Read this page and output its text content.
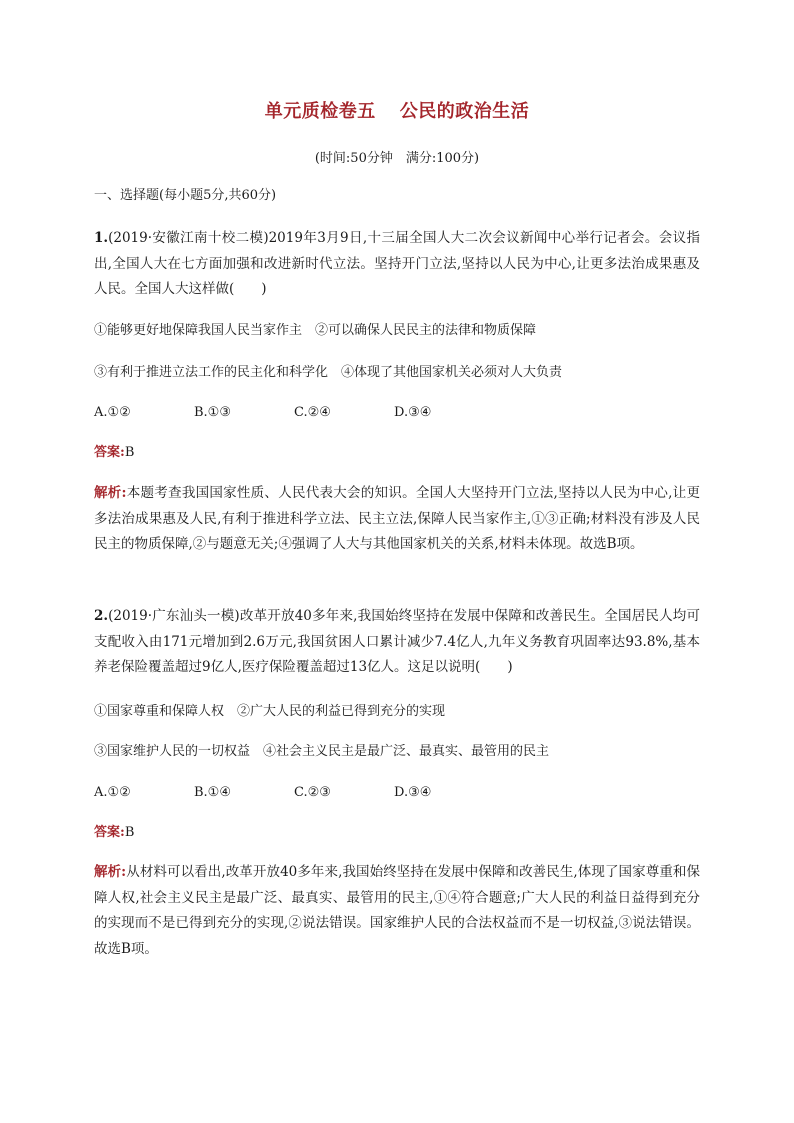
单元质检卷五 公民的政治生活
(时间:50分钟　满分:100分)
一、选择题(每小题5分,共60分)
1.(2019·安徽江南十校二模)2019年3月9日,十三届全国人大二次会议新闻中心举行记者会。会议指出,全国人大在七方面加强和改进新时代立法。坚持开门立法,坚持以人民为中心,让更多法治成果惠及人民。全国人大这样做(　　)
①能够更好地保障我国人民当家作主　②可以确保人民民主的法律和物质保障
③有利于推进立法工作的民主化和科学化　④体现了其他国家机关必须对人大负责
A.①②	B.①③	C.②④	D.③④
答案:B
解析:本题考查我国国家性质、人民代表大会的知识。全国人大坚持开门立法,坚持以人民为中心,让更多法治成果惠及人民,有利于推进科学立法、民主立法,保障人民当家作主,①③正确;材料没有涉及人民民主的物质保障,②与题意无关;④强调了人大与其他国家机关的关系,材料未体现。故选B项。
2.(2019·广东汕头一模)改革开放40多年来,我国始终坚持在发展中保障和改善民生。全国居民人均可支配收入由171元增加到2.6万元,我国贫困人口累计减少7.4亿人,九年义务教育巩固率达93.8%,基本养老保险覆盖超过9亿人,医疗保险覆盖超过13亿人。这足以说明(　　)
①国家尊重和保障人权　②广大人民的利益已得到充分的实现
③国家维护人民的一切权益　④社会主义民主是最广泛、最真实、最管用的民主
A.①②	B.①④	C.②③	D.③④
答案:B
解析:从材料可以看出,改革开放40多年来,我国始终坚持在发展中保障和改善民生,体现了国家尊重和保障人权,社会主义民主是最广泛、最真实、最管用的民主,①④符合题意;广大人民的利益日益得到充分的实现而不是已得到充分的实现,②说法错误。国家维护人民的合法权益而不是一切权益,③说法错误。故选B项。
